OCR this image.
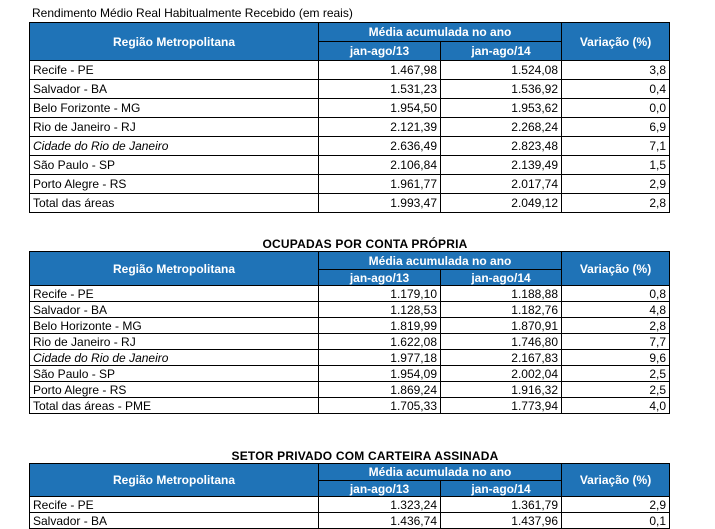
Rendimento Médio Real Habitualmente Recebido (em reais)
Região Metropolitana	Média acumulada no ano		Variação (%)
	jan-ago/13	jan-ago/14	
Recife - PE	1.467,98	1.524,08	3,8
Salvador - BA	1.531,23	1.536,92	0,4
Belo Forizonte - MG	1.954,50	1.953,62	0,0
Rio de Janeiro - RJ	2.121,39	2.268,24	6,9
Cidade do Rio de Janeiro	2.636,49	2.823,48	7,1
São Paulo - SP	2.106,84	2.139,49	1,5
Porto Alegre - RS	1.961,77	2.017,74	2,9
Total das áreas	1.993,47	2.049,12	2,8
OCUPADAS POR CONTA PRÓPRIA
Região Metropolitana	Média acumulada no ano		Variação (%)
	jan-ago/13	jan-ago/14	
Recife - PE	1.179,10	1.188,88	0,8
Salvador - BA	1.128,53	1.182,76	4,8
Belo Horizonte - MG	1.819,99	1.870,91	2,8
Rio de Janeiro - RJ	1.622,08	1.746,80	7,7
Cidade do Rio de Janeiro	1.977,18	2.167,83	9,6
São Paulo - SP	1.954,09	2.002,04	2,5
Porto Alegre - RS	1.869,24	1.916,32	2,5
Total das áreas - PME	1.705,33	1.773,94	4,0
SETOR PRIVADO COM CARTEIRA ASSINADA
Região Metropolitana	Média acumulada no ano		Variação (%)
	jan-ago/13	jan-ago/14	
Recife - PE	1.323,24	1.361,79	2,9
Salvador - BA	1.436,74	1.437,96	0,1
